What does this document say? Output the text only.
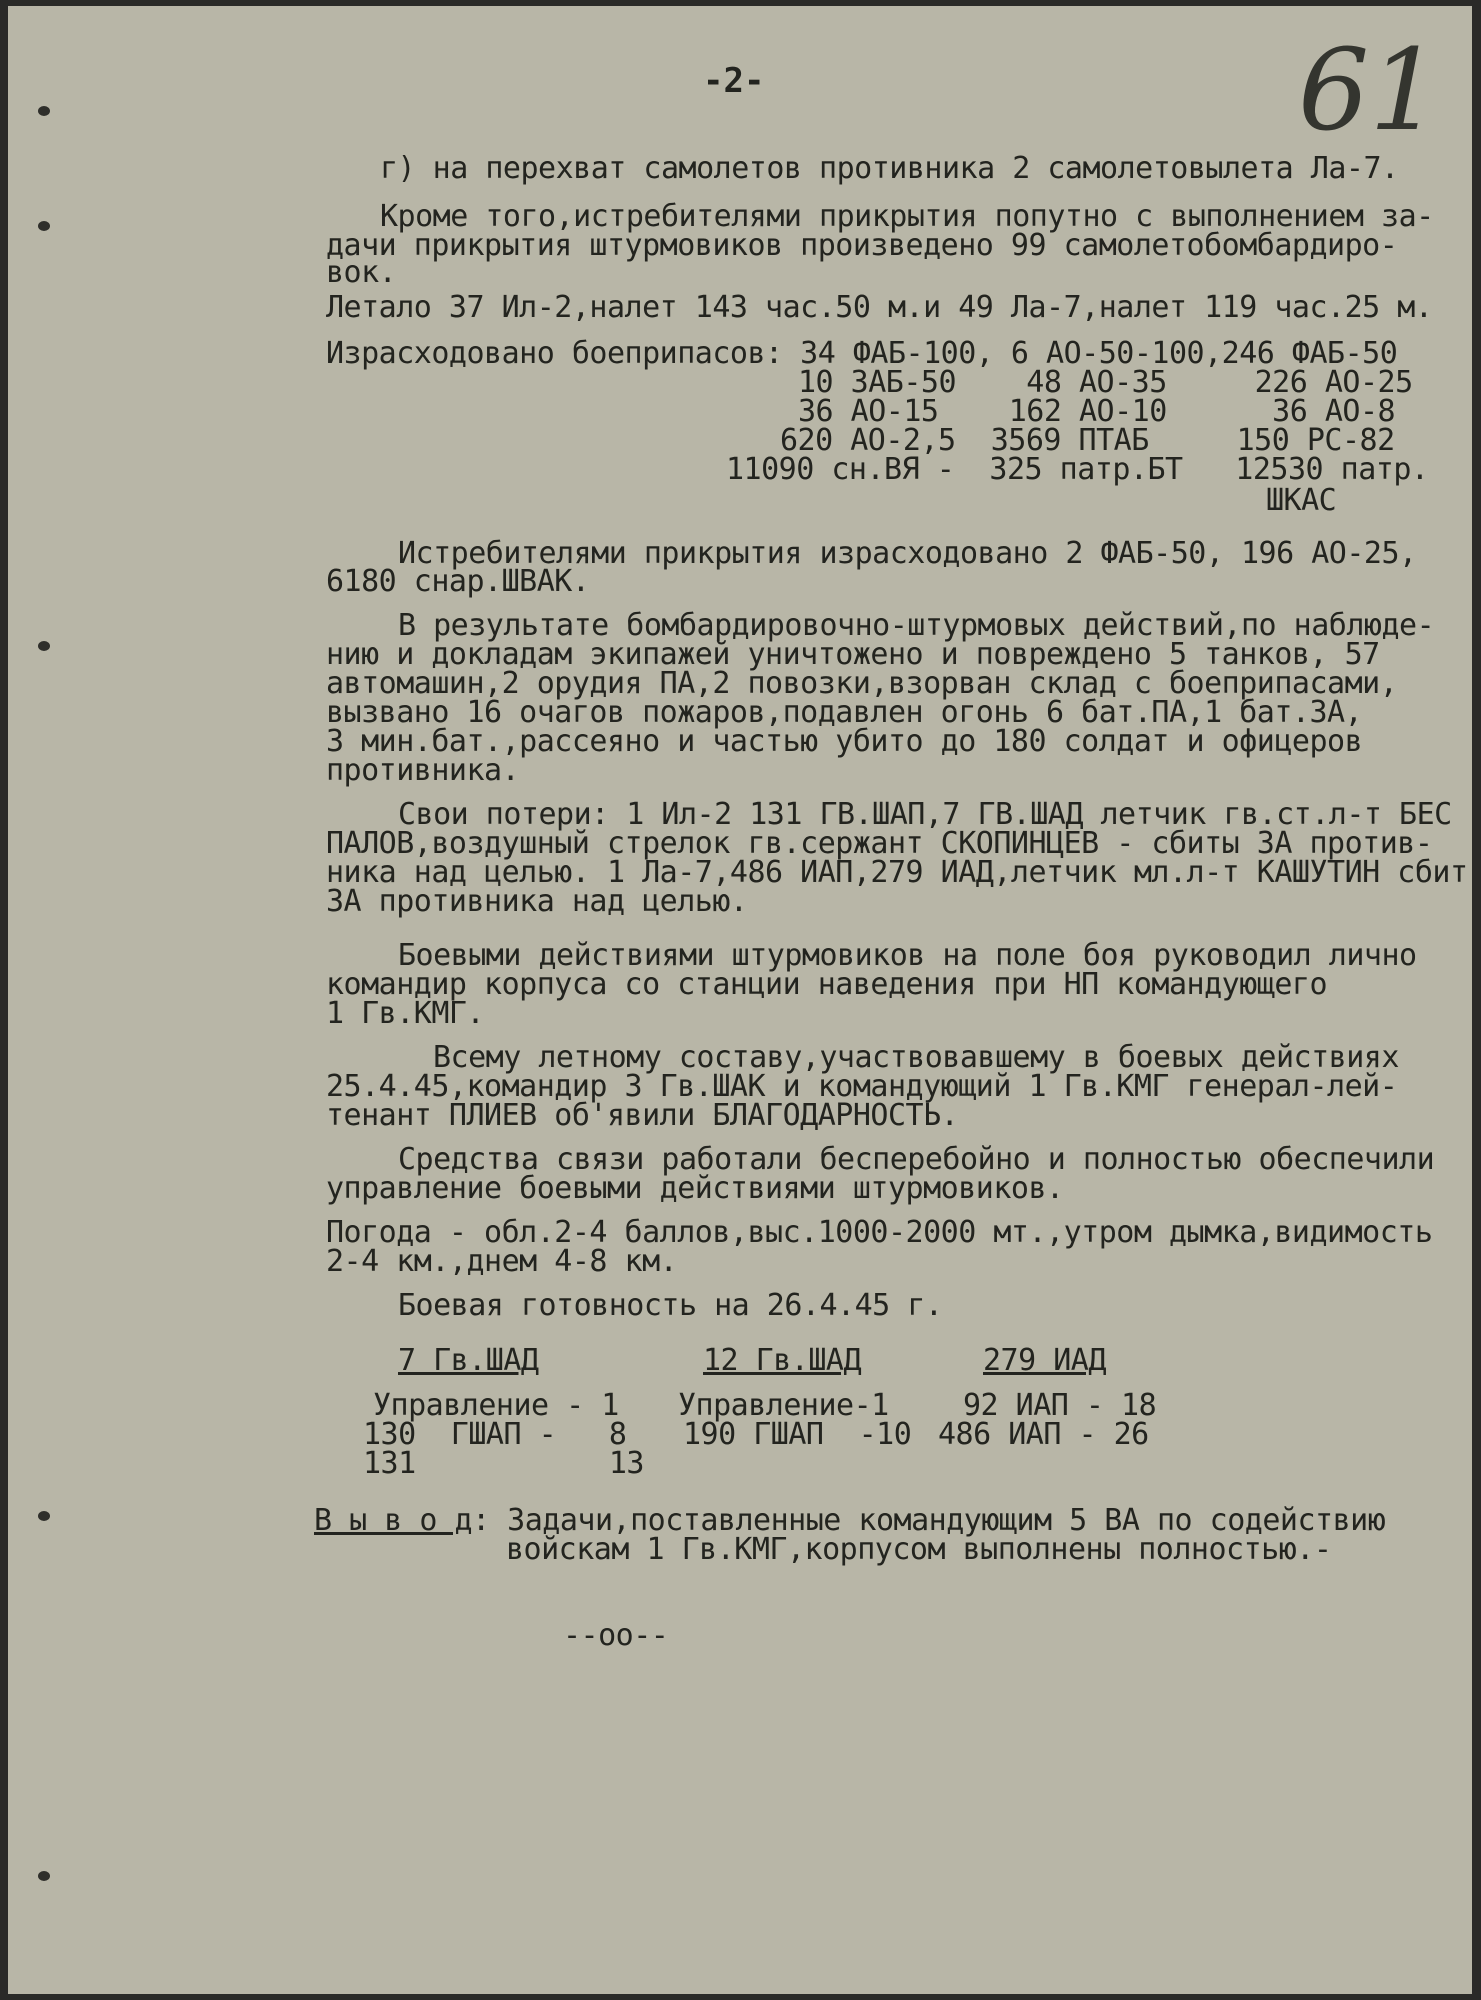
-2-	61
г) на перехват самолетов противника 2 самолетовылета Ла-7.
Кроме того,истребителями прикрытия попутно с выполнением за-
дачи прикрытия штурмовиков произведено 99 самолетобомбардиро-
вок.
Летало 37 Ил-2,налет 143 час.50 м.и 49 Ла-7,налет 119 час.25 м.
Израсходовано боеприпасов: 34 ФАБ-100, 6 АО-50-100,246 ФАБ-50
10 ЗАБ-50    48 АО-35     226 АО-25
36 АО-15    162 АО-10      36 АО-8
620 АО-2,5  3569 ПТАБ     150 РС-82
11090 сн.ВЯ -  325 патр.БТ   12530 патр.
ШКАС
Истребителями прикрытия израсходовано 2 ФАБ-50, 196 АО-25,
6180 снар.ШВАК.
В результате бомбардировочно-штурмовых действий,по наблюде-
нию и докладам экипажей уничтожено и повреждено 5 танков, 57
автомашин,2 орудия ПА,2 повозки,взорван склад с боеприпасами,
вызвано 16 очагов пожаров,подавлен огонь 6 бат.ПА,1 бат.ЗА,
3 мин.бат.,рассеяно и частью убито до 180 солдат и офицеров
противника.
Свои потери: 1 Ил-2 131 ГВ.ШАП,7 ГВ.ШАД летчик гв.ст.л-т БЕС
ПАЛОВ,воздушный стрелок гв.сержант СКОПИНЦЕВ - сбиты ЗА против-
ника над целью. 1 Ла-7,486 ИАП,279 ИАД,летчик мл.л-т КАШУТИН сбит
ЗА противника над целью.
Боевыми действиями штурмовиков на поле боя руководил лично
командир корпуса со станции наведения при НП командующего
1 Гв.КМГ.
Всему летному составу,участвовавшему в боевых действиях
25.4.45,командир 3 Гв.ШАК и командующий 1 Гв.КМГ генерал-лей-
тенант ПЛИЕВ об'явили БЛАГОДАРНОСТЬ.
Средства связи работали бесперебойно и полностью обеспечили
управление боевыми действиями штурмовиков.
Погода - обл.2-4 баллов,выс.1000-2000 мт.,утром дымка,видимость
2-4 км.,днем 4-8 км.
Боевая готовность на 26.4.45 г.
7 Гв.ШАД
Управление - 1
130  ГШАП -   8
131           13
12 Гв.ШАД
Управление-1
190 ГШАП  -10
279 ИАД
92 ИАП - 18
486 ИАП - 26
В ы в о д: Задачи,поставленные командующим 5 ВА по содействию
войскам 1 Гв.КМГ,корпусом выполнены полностью.-
--oo--
